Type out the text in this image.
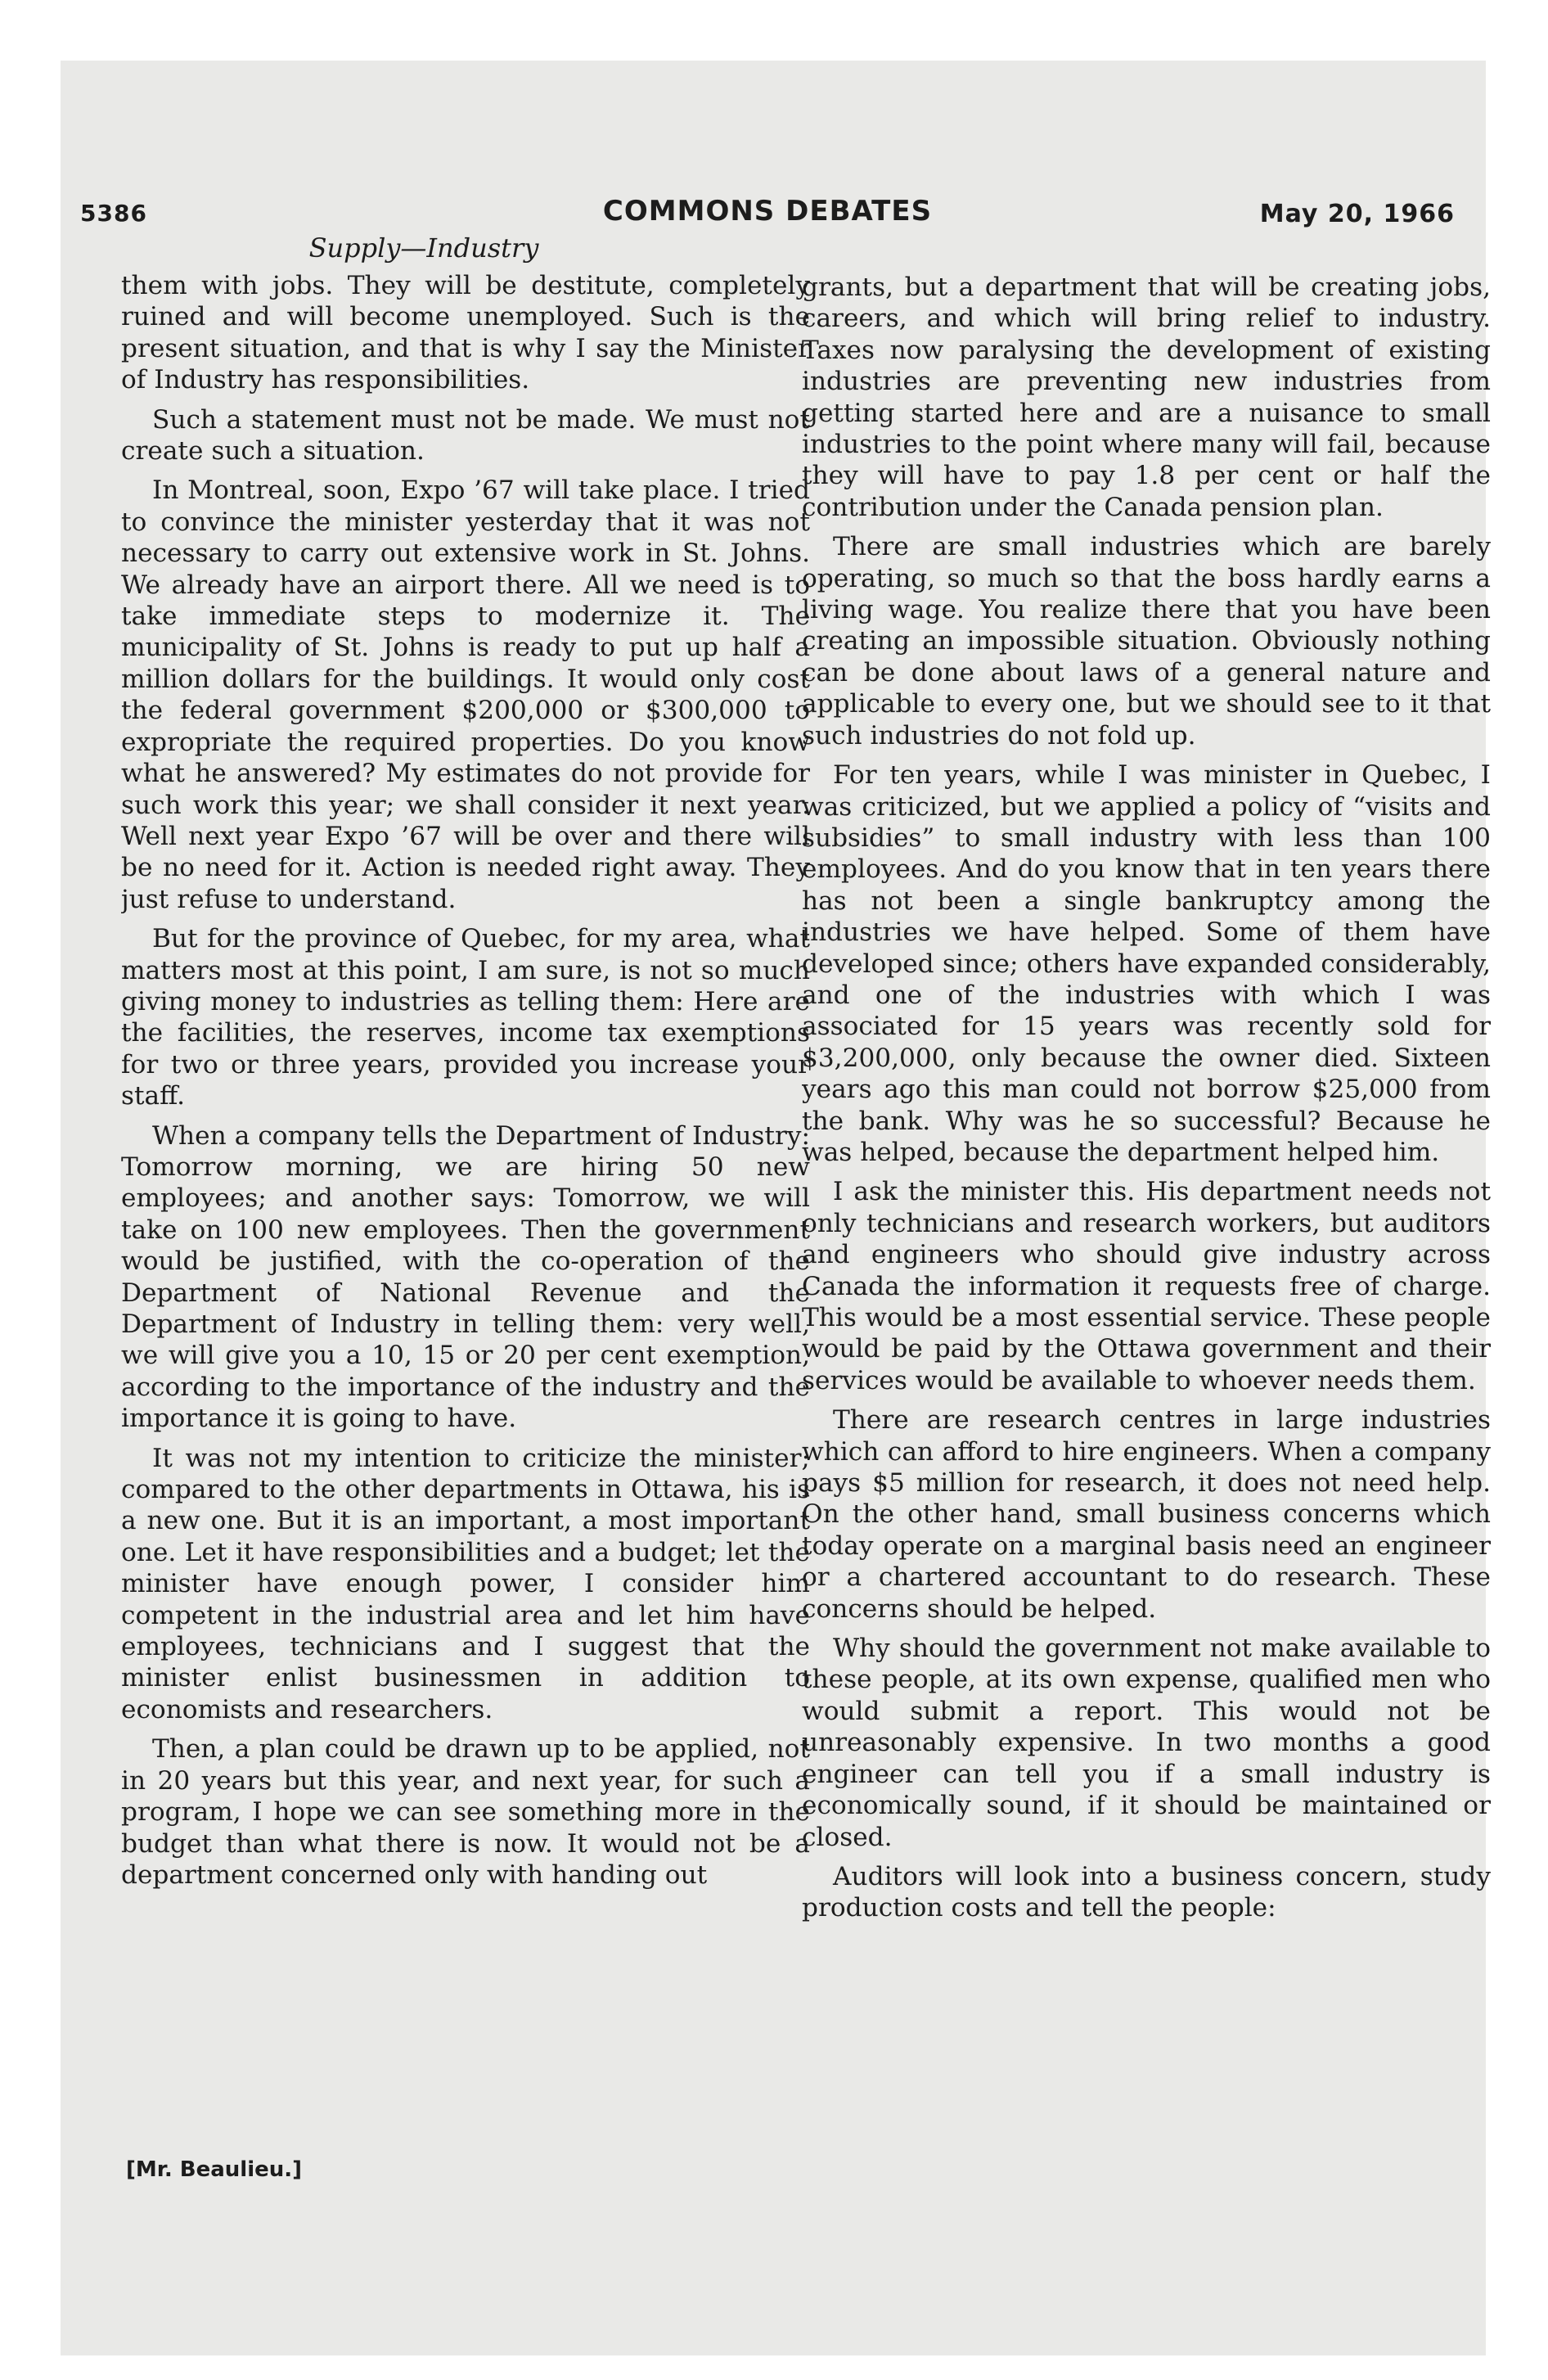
5386	COMMONS DEBATES	May 20, 1966
Supply—Industry

them with jobs. They will be destitute, completely ruined and will become unemployed. Such is the present situation, and that is why I say the Minister of Industry has responsibilities.

Such a statement must not be made. We must not create such a situation.

In Montreal, soon, Expo ’67 will take place. I tried to convince the minister yesterday that it was not necessary to carry out extensive work in St. Johns. We already have an airport there. All we need is to take immediate steps to modernize it. The municipality of St. Johns is ready to put up half a million dollars for the buildings. It would only cost the federal government $200,000 or $300,000 to expropriate the required properties. Do you know what he answered? My estimates do not provide for such work this year; we shall consider it next year. Well next year Expo ’67 will be over and there will be no need for it. Action is needed right away. They just refuse to understand.

But for the province of Quebec, for my area, what matters most at this point, I am sure, is not so much giving money to industries as telling them: Here are the facilities, the reserves, income tax exemptions for two or three years, provided you increase your staff.

When a company tells the Department of Industry: Tomorrow morning, we are hiring 50 new employees; and another says: Tomorrow, we will take on 100 new employees. Then the government would be justified, with the co-operation of the Department of National Revenue and the Department of Industry in telling them: very well, we will give you a 10, 15 or 20 per cent exemption, according to the importance of the industry and the importance it is going to have.

It was not my intention to criticize the minister; compared to the other departments in Ottawa, his is a new one. But it is an important, a most important one. Let it have responsibilities and a budget; let the minister have enough power, I consider him competent in the industrial area and let him have employees, technicians and I suggest that the minister enlist businessmen in addition to economists and researchers.

Then, a plan could be drawn up to be applied, not in 20 years but this year, and next year, for such a program, I hope we can see something more in the budget than what there is now. It would not be a department concerned only with handing out

grants, but a department that will be creating jobs, careers, and which will bring relief to industry. Taxes now paralysing the development of existing industries are preventing new industries from getting started here and are a nuisance to small industries to the point where many will fail, because they will have to pay 1.8 per cent or half the contribution under the Canada pension plan.

There are small industries which are barely operating, so much so that the boss hardly earns a living wage. You realize there that you have been creating an impossible situation. Obviously nothing can be done about laws of a general nature and applicable to every one, but we should see to it that such industries do not fold up.

For ten years, while I was minister in Quebec, I was criticized, but we applied a policy of “visits and subsidies” to small industry with less than 100 employees. And do you know that in ten years there has not been a single bankruptcy among the industries we have helped. Some of them have developed since; others have expanded considerably, and one of the industries with which I was associated for 15 years was recently sold for $3,200,000, only because the owner died. Sixteen years ago this man could not borrow $25,000 from the bank. Why was he so successful? Because he was helped, because the department helped him.

I ask the minister this. His department needs not only technicians and research workers, but auditors and engineers who should give industry across Canada the information it requests free of charge. This would be a most essential service. These people would be paid by the Ottawa government and their services would be available to whoever needs them.

There are research centres in large industries which can afford to hire engineers. When a company pays $5 million for research, it does not need help. On the other hand, small business concerns which today operate on a marginal basis need an engineer or a chartered accountant to do research. These concerns should be helped.

Why should the government not make available to these people, at its own expense, qualified men who would submit a report. This would not be unreasonably expensive. In two months a good engineer can tell you if a small industry is economically sound, if it should be maintained or closed.

Auditors will look into a business concern, study production costs and tell the people:

[Mr. Beaulieu.]
